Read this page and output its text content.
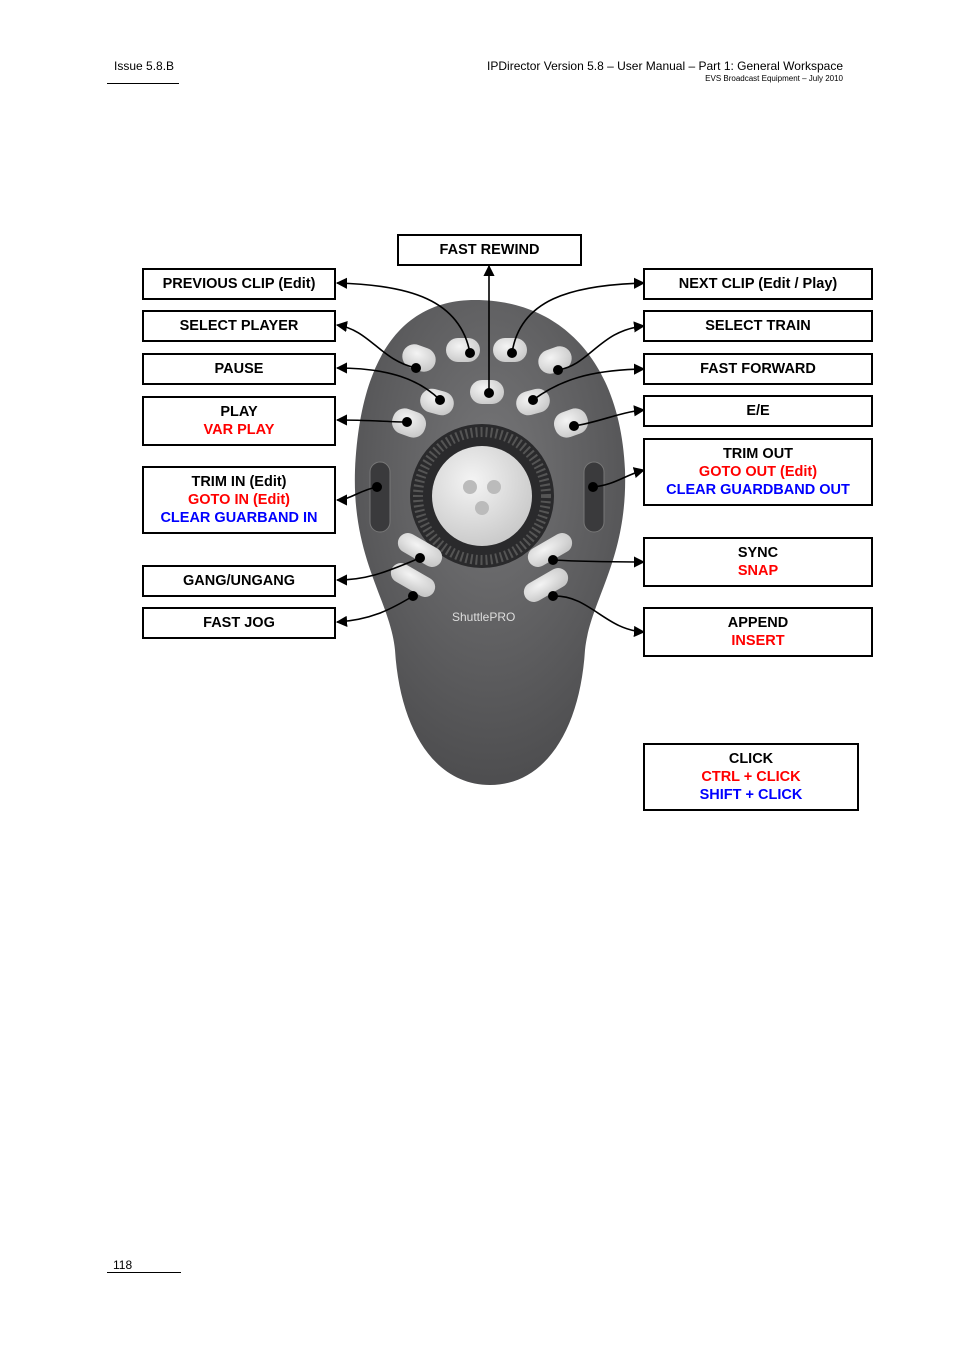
Issue 5.8.B	IPDirector Version 5.8 – User Manual – Part 1: General Workspace
EVS Broadcast Equipment – July 2010
ShuttlePRO
FAST REWIND
PREVIOUS CLIP (Edit)
SELECT PLAYER
PAUSE
PLAY
VAR PLAY
TRIM IN (Edit)
GOTO IN (Edit)
CLEAR GUARBAND IN
GANG/UNGANG
FAST JOG
NEXT CLIP (Edit / Play)
SELECT TRAIN
FAST FORWARD
E/E
TRIM OUT
GOTO OUT (Edit)
CLEAR GUARDBAND OUT
SYNC
SNAP
APPEND
INSERT
CLICK
CTRL + CLICK
SHIFT + CLICK
118
